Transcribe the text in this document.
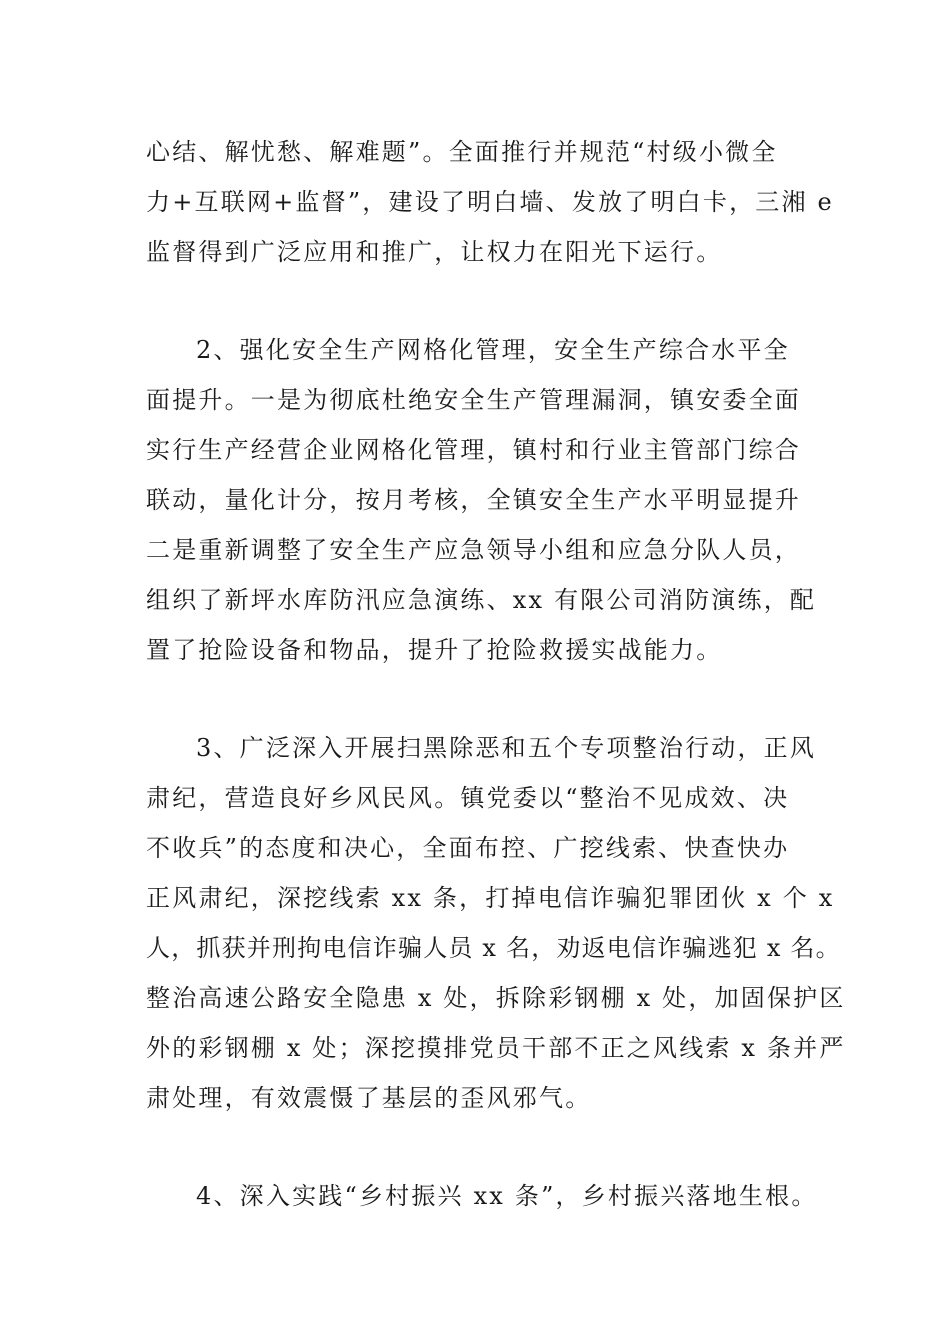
心结、解忧愁、解难题”。全面推行并规范“村级小微全
力+互联网+监督”，建设了明白墙、发放了明白卡，三湘 e
监督得到广泛应用和推广，让权力在阳光下运行。
2、强化安全生产网格化管理，安全生产综合水平全
面提升。一是为彻底杜绝安全生产管理漏洞，镇安委全面
实行生产经营企业网格化管理，镇村和行业主管部门综合
联动，量化计分，按月考核，全镇安全生产水平明显提升
二是重新调整了安全生产应急领导小组和应急分队人员，
组织了新坪水库防汛应急演练、xx 有限公司消防演练，配
置了抢险设备和物品，提升了抢险救援实战能力。
3、广泛深入开展扫黑除恶和五个专项整治行动，正风
肃纪，营造良好乡风民风。镇党委以“整治不见成效、决
不收兵”的态度和决心，全面布控、广挖线索、快查快办
正风肃纪，深挖线索 xx 条，打掉电信诈骗犯罪团伙 x 个 x
人，抓获并刑拘电信诈骗人员 x 名，劝返电信诈骗逃犯 x 名。
整治高速公路安全隐患 x 处，拆除彩钢棚 x 处，加固保护区
外的彩钢棚 x 处；深挖摸排党员干部不正之风线索 x 条并严
肃处理，有效震慑了基层的歪风邪气。
4、深入实践“乡村振兴 xx 条”，乡村振兴落地生根。
